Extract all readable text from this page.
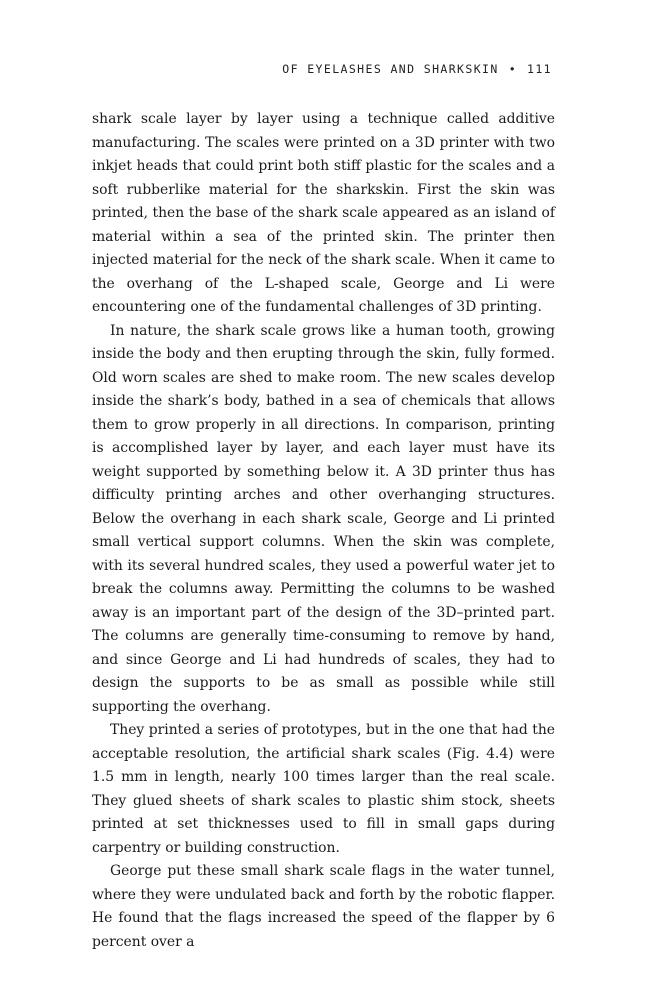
OF EYELASHES AND SHARKSKIN • 111

shark scale layer by layer using a technique called additive manufacturing. The scales were printed on a 3D printer with two inkjet heads that could print both stiff plastic for the scales and a soft rubberlike material for the sharkskin. First the skin was printed, then the base of the shark scale appeared as an island of material within a sea of the printed skin. The printer then injected material for the neck of the shark scale. When it came to the overhang of the L-shaped scale, George and Li were encountering one of the fundamental challenges of 3D printing.

In nature, the shark scale grows like a human tooth, growing inside the body and then erupting through the skin, fully formed. Old worn scales are shed to make room. The new scales develop inside the shark’s body, bathed in a sea of chemicals that allows them to grow properly in all directions. In comparison, printing is accomplished layer by layer, and each layer must have its weight supported by something below it. A 3D printer thus has difficulty printing arches and other overhanging structures. Below the overhang in each shark scale, George and Li printed small vertical support columns. When the skin was complete, with its several hundred scales, they used a powerful water jet to break the columns away. Permitting the columns to be washed away is an important part of the design of the 3D–printed part. The columns are generally time-consuming to remove by hand, and since George and Li had hundreds of scales, they had to design the supports to be as small as possible while still supporting the overhang.

They printed a series of prototypes, but in the one that had the acceptable resolution, the artificial shark scales (Fig. 4.4) were 1.5 mm in length, nearly 100 times larger than the real scale. They glued sheets of shark scales to plastic shim stock, sheets printed at set thicknesses used to fill in small gaps during carpentry or building construction.

George put these small shark scale flags in the water tunnel, where they were undulated back and forth by the robotic flapper. He found that the flags increased the speed of the flapper by 6 percent over a
